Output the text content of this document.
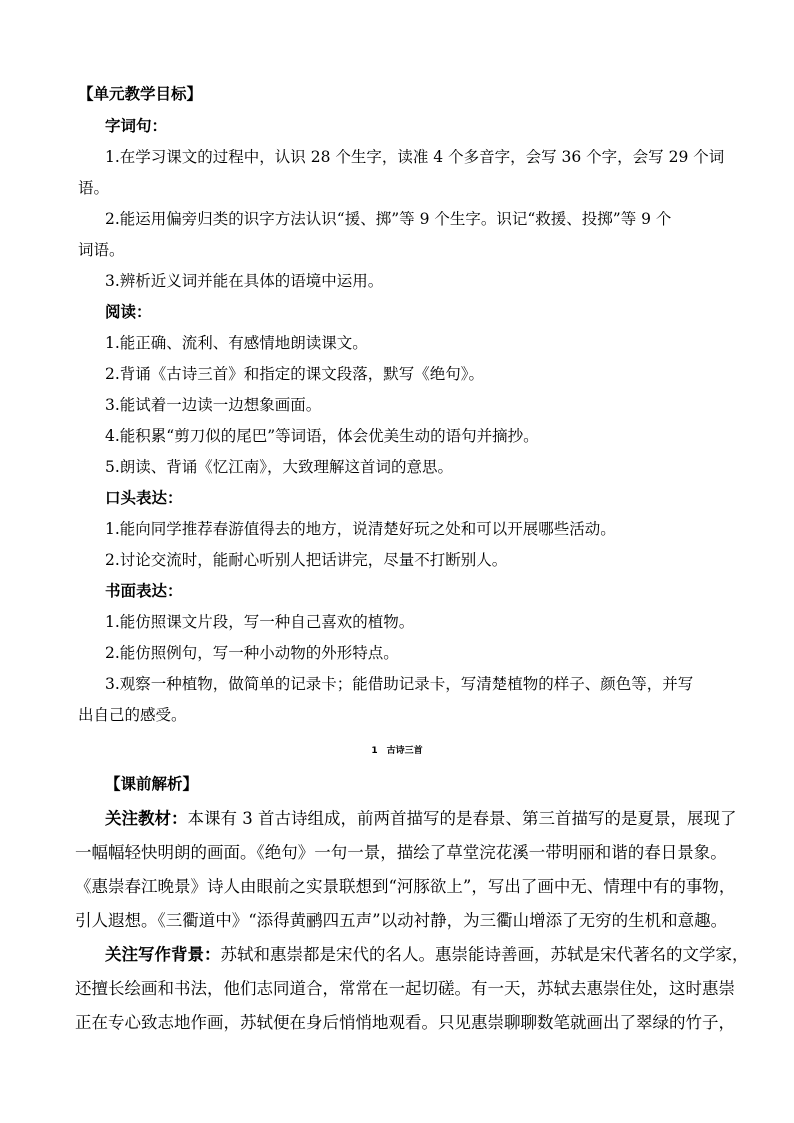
【单元教学目标】
字词句：
1.在学习课文的过程中，认识 28 个生字，读准 4 个多音字，会写 36 个字，会写 29 个词
语。
2.能运用偏旁归类的识字方法认识“援、掷”等 9 个生字。识记“救援、投掷”等 9 个
词语。
3.辨析近义词并能在具体的语境中运用。
阅读：
1.能正确、流利、有感情地朗读课文。
2.背诵《古诗三首》和指定的课文段落，默写《绝句》。
3.能试着一边读一边想象画面。
4.能积累“剪刀似的尾巴”等词语，体会优美生动的语句并摘抄。
5.朗读、背诵《忆江南》，大致理解这首词的意思。
口头表达：
1.能向同学推荐春游值得去的地方，说清楚好玩之处和可以开展哪些活动。
2.讨论交流时，能耐心听别人把话讲完，尽量不打断别人。
书面表达：
1.能仿照课文片段，写一种自己喜欢的植物。
2.能仿照例句，写一种小动物的外形特点。
3.观察一种植物，做简单的记录卡；能借助记录卡，写清楚植物的样子、颜色等，并写
出自己的感受。
1　古诗三首
【课前解析】
关注教材：本课有 3 首古诗组成，前两首描写的是春景、第三首描写的是夏景，展现了
一幅幅轻快明朗的画面。《绝句》一句一景，描绘了草堂浣花溪一带明丽和谐的春日景象。
《惠崇春江晚景》诗人由眼前之实景联想到“河豚欲上”，写出了画中无、情理中有的事物，
引人遐想。《三衢道中》“添得黄鹂四五声”以动衬静，为三衢山增添了无穷的生机和意趣。
关注写作背景：苏轼和惠崇都是宋代的名人。惠崇能诗善画，苏轼是宋代著名的文学家，
还擅长绘画和书法，他们志同道合，常常在一起切磋。有一天，苏轼去惠崇住处，这时惠崇
正在专心致志地作画，苏轼便在身后悄悄地观看。只见惠崇聊聊数笔就画出了翠绿的竹子，
